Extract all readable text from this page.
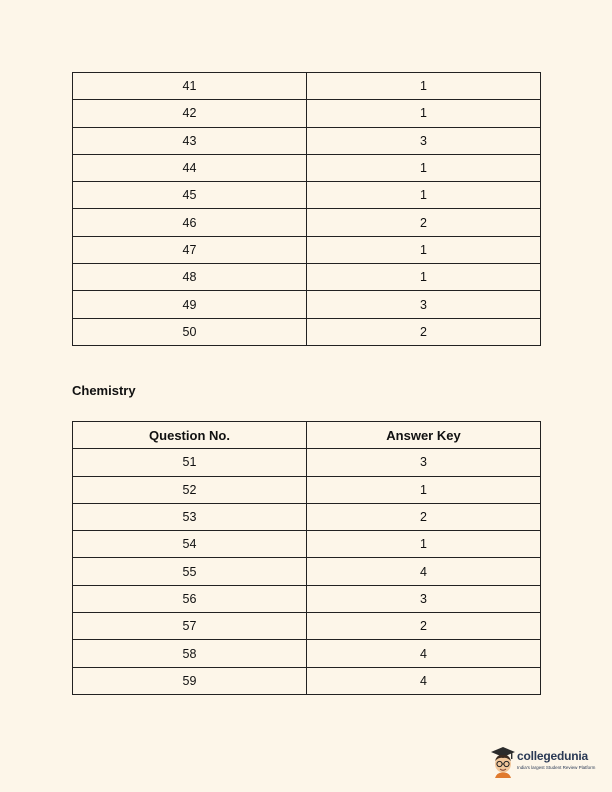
41	1
42	1
43	3
44	1
45	1
46	2
47	1
48	1
49	3
50	2
Chemistry
Question No.	Answer Key
51	3
52	1
53	2
54	1
55	4
56	3
57	2
58	4
59	4
collegedunia
India's largest Student Review Platform
